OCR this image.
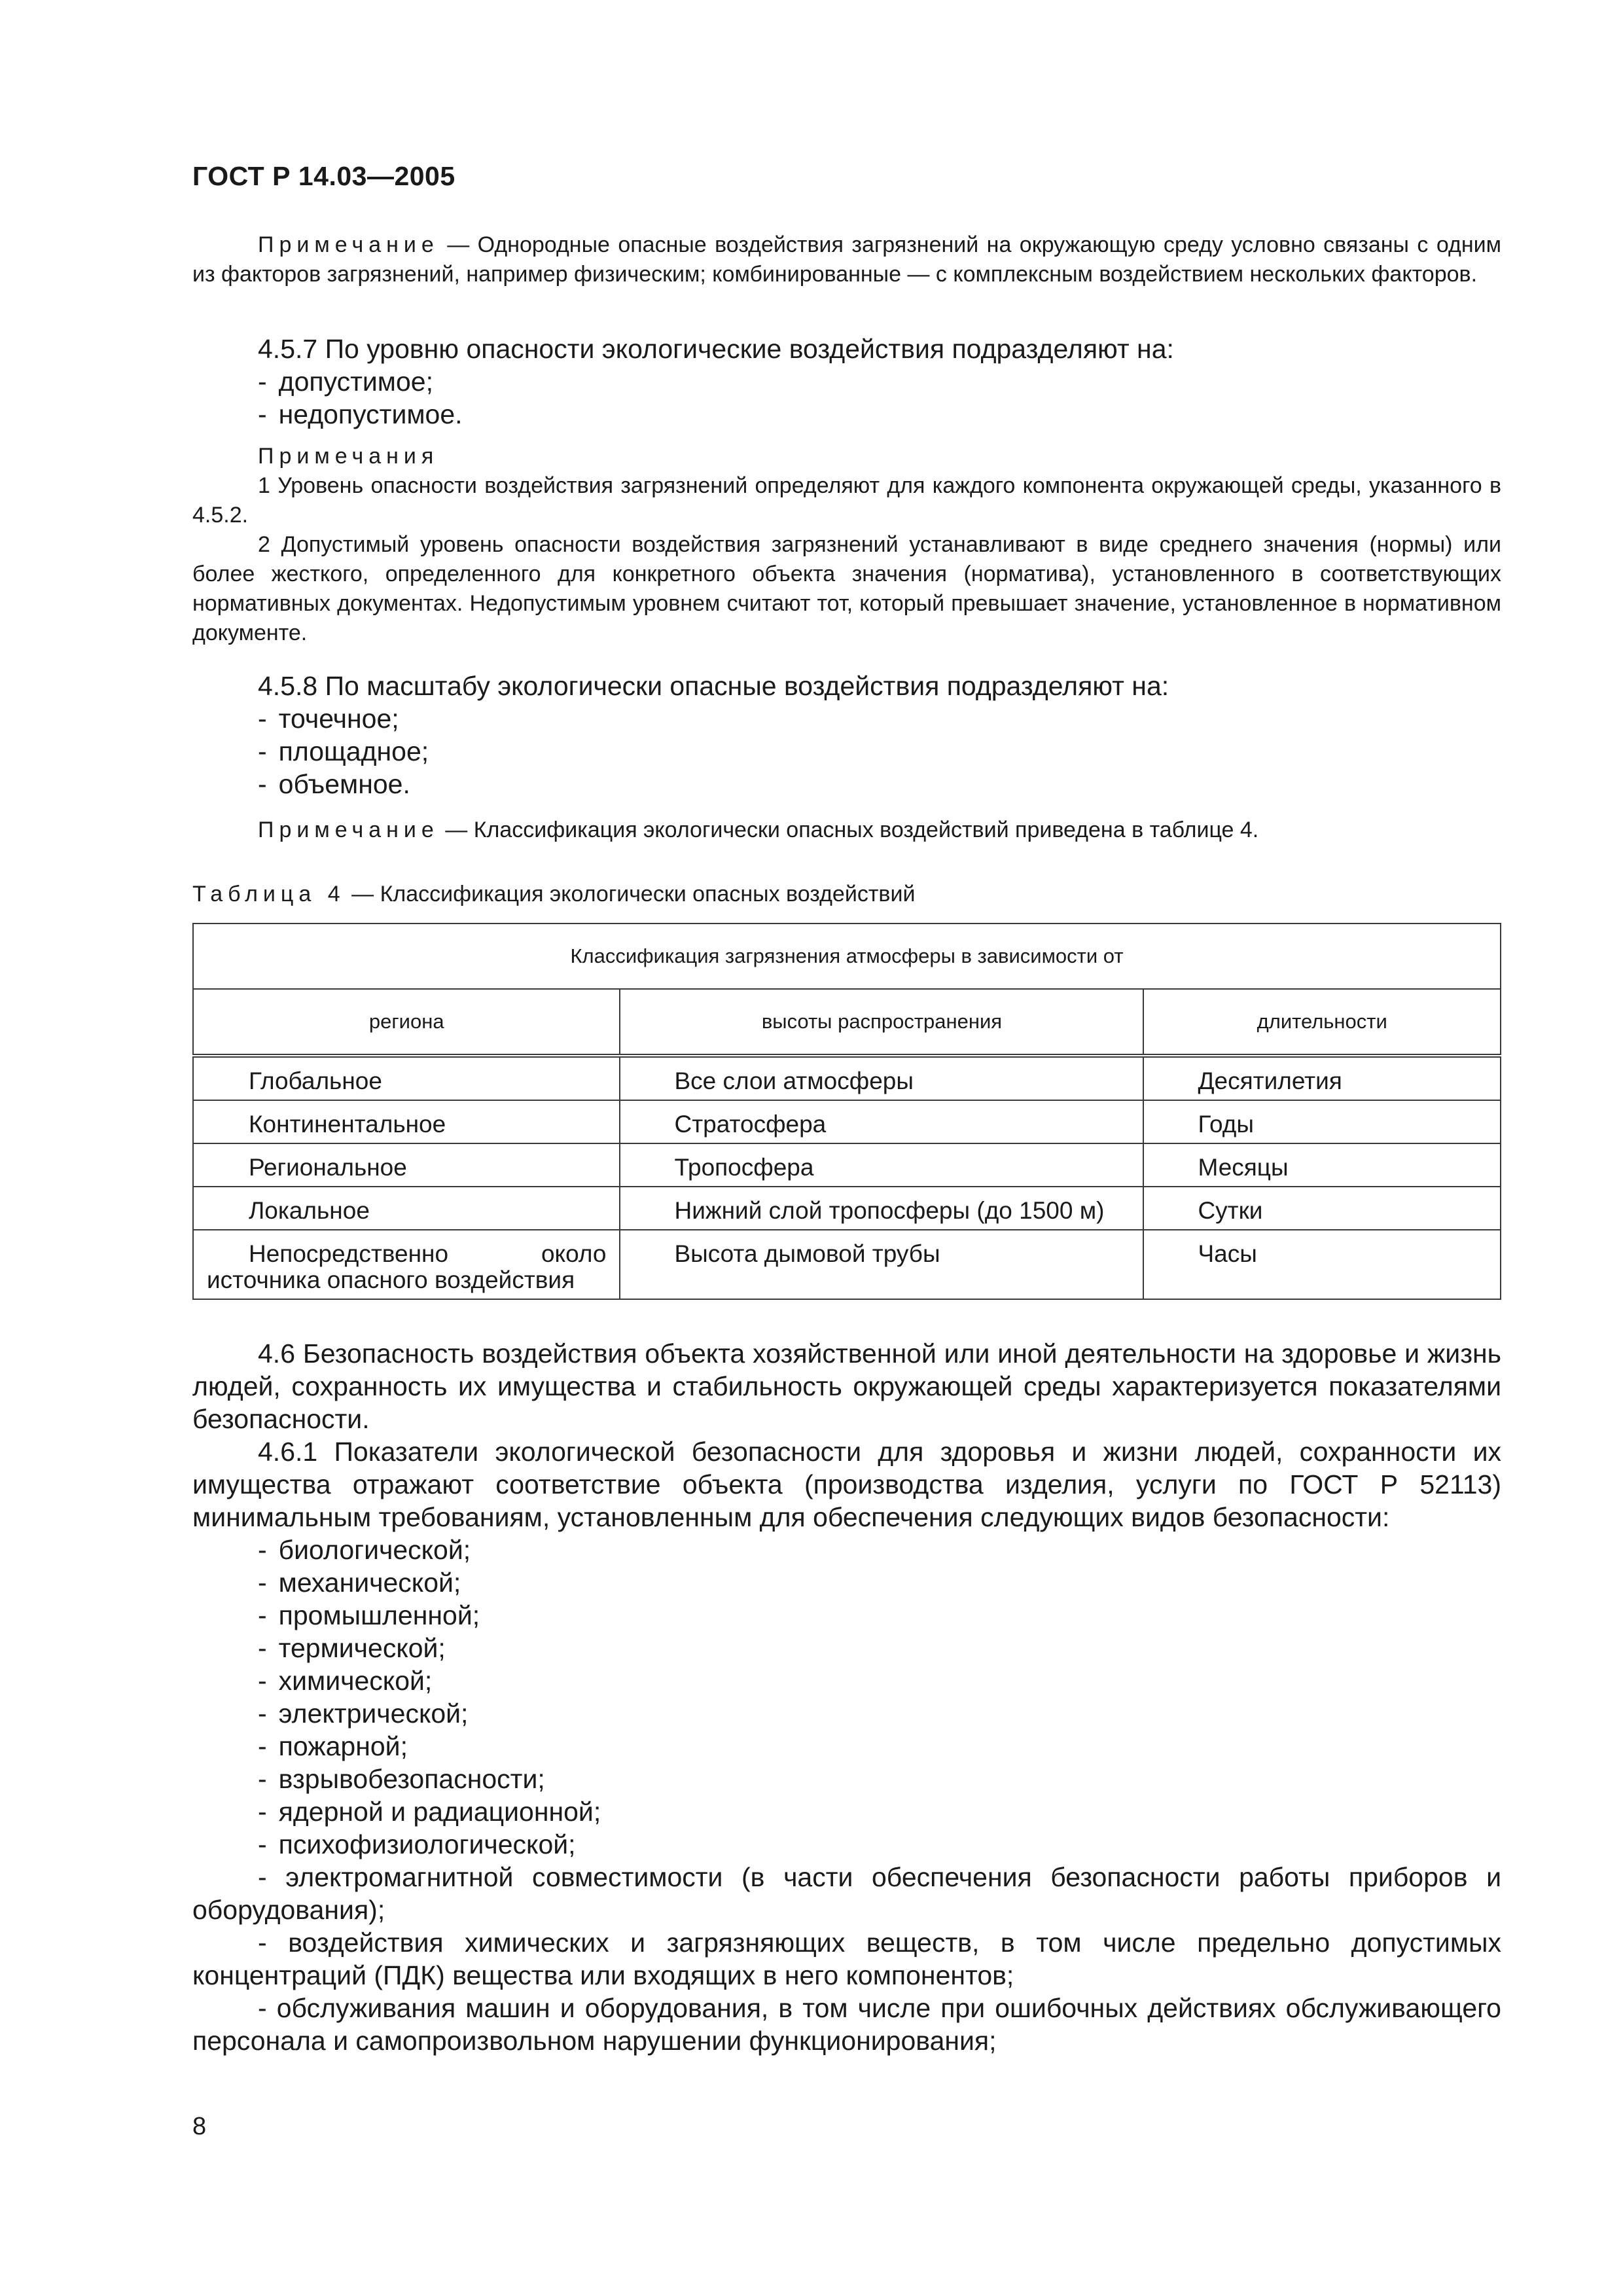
ГОСТ Р 14.03—2005

Примечание — Однородные опасные воздействия загрязнений на окружающую среду условно связаны с одним из факторов загрязнений, например физическим; комбинированные — с комплексным воздействием нескольких факторов.

4.5.7 По уровню опасности экологические воздействия подразделяют на:

- допустимое;

- недопустимое.

Примечания

1 Уровень опасности воздействия загрязнений определяют для каждого компонента окружающей среды, указанного в 4.5.2.

2 Допустимый уровень опасности воздействия загрязнений устанавливают в виде среднего значения (нормы) или более жесткого, определенного для конкретного объекта значения (норматива), установленного в соответствующих нормативных документах. Недопустимым уровнем считают тот, который превышает значение, установленное в нормативном документе.

4.5.8 По масштабу экологически опасные воздействия подразделяют на:

- точечное;

- площадное;

- объемное.

Примечание — Классификация экологически опасных воздействий приведена в таблице 4.

Таблица 4 — Классификация экологически опасных воздействий
Классификация загрязнения атмосферы в зависимости от		
региона	высоты распространения	длительности
Глобальное	Все слои атмосферы	Десятилетия
Континентальное	Стратосфера	Годы
Региональное	Тропосфера	Месяцы
Локальное	Нижний слой тропосферы (до 1500 м)	Сутки
Непосредственно около источника опасного воздействия	Высота дымовой трубы	Часы

4.6 Безопасность воздействия объекта хозяйственной или иной деятельности на здоровье и жизнь людей, сохранность их имущества и стабильность окружающей среды характеризуется показателями безопасности.

4.6.1 Показатели экологической безопасности для здоровья и жизни людей, сохранности их имущества отражают соответствие объекта (производства изделия, услуги по ГОСТ Р 52113) минимальным требованиям, установленным для обеспечения следующих видов безопасности:

- биологической;

- механической;

- промышленной;

- термической;

- химической;

- электрической;

- пожарной;

- взрывобезопасности;

- ядерной и радиационной;

- психофизиологической;

- электромагнитной совместимости (в части обеспечения безопасности работы приборов и оборудования);

- воздействия химических и загрязняющих веществ, в том числе предельно допустимых концентраций (ПДК) вещества или входящих в него компонентов;

- обслуживания машин и оборудования, в том числе при ошибочных действиях обслуживающего персонала и самопроизвольном нарушении функционирования;

8
